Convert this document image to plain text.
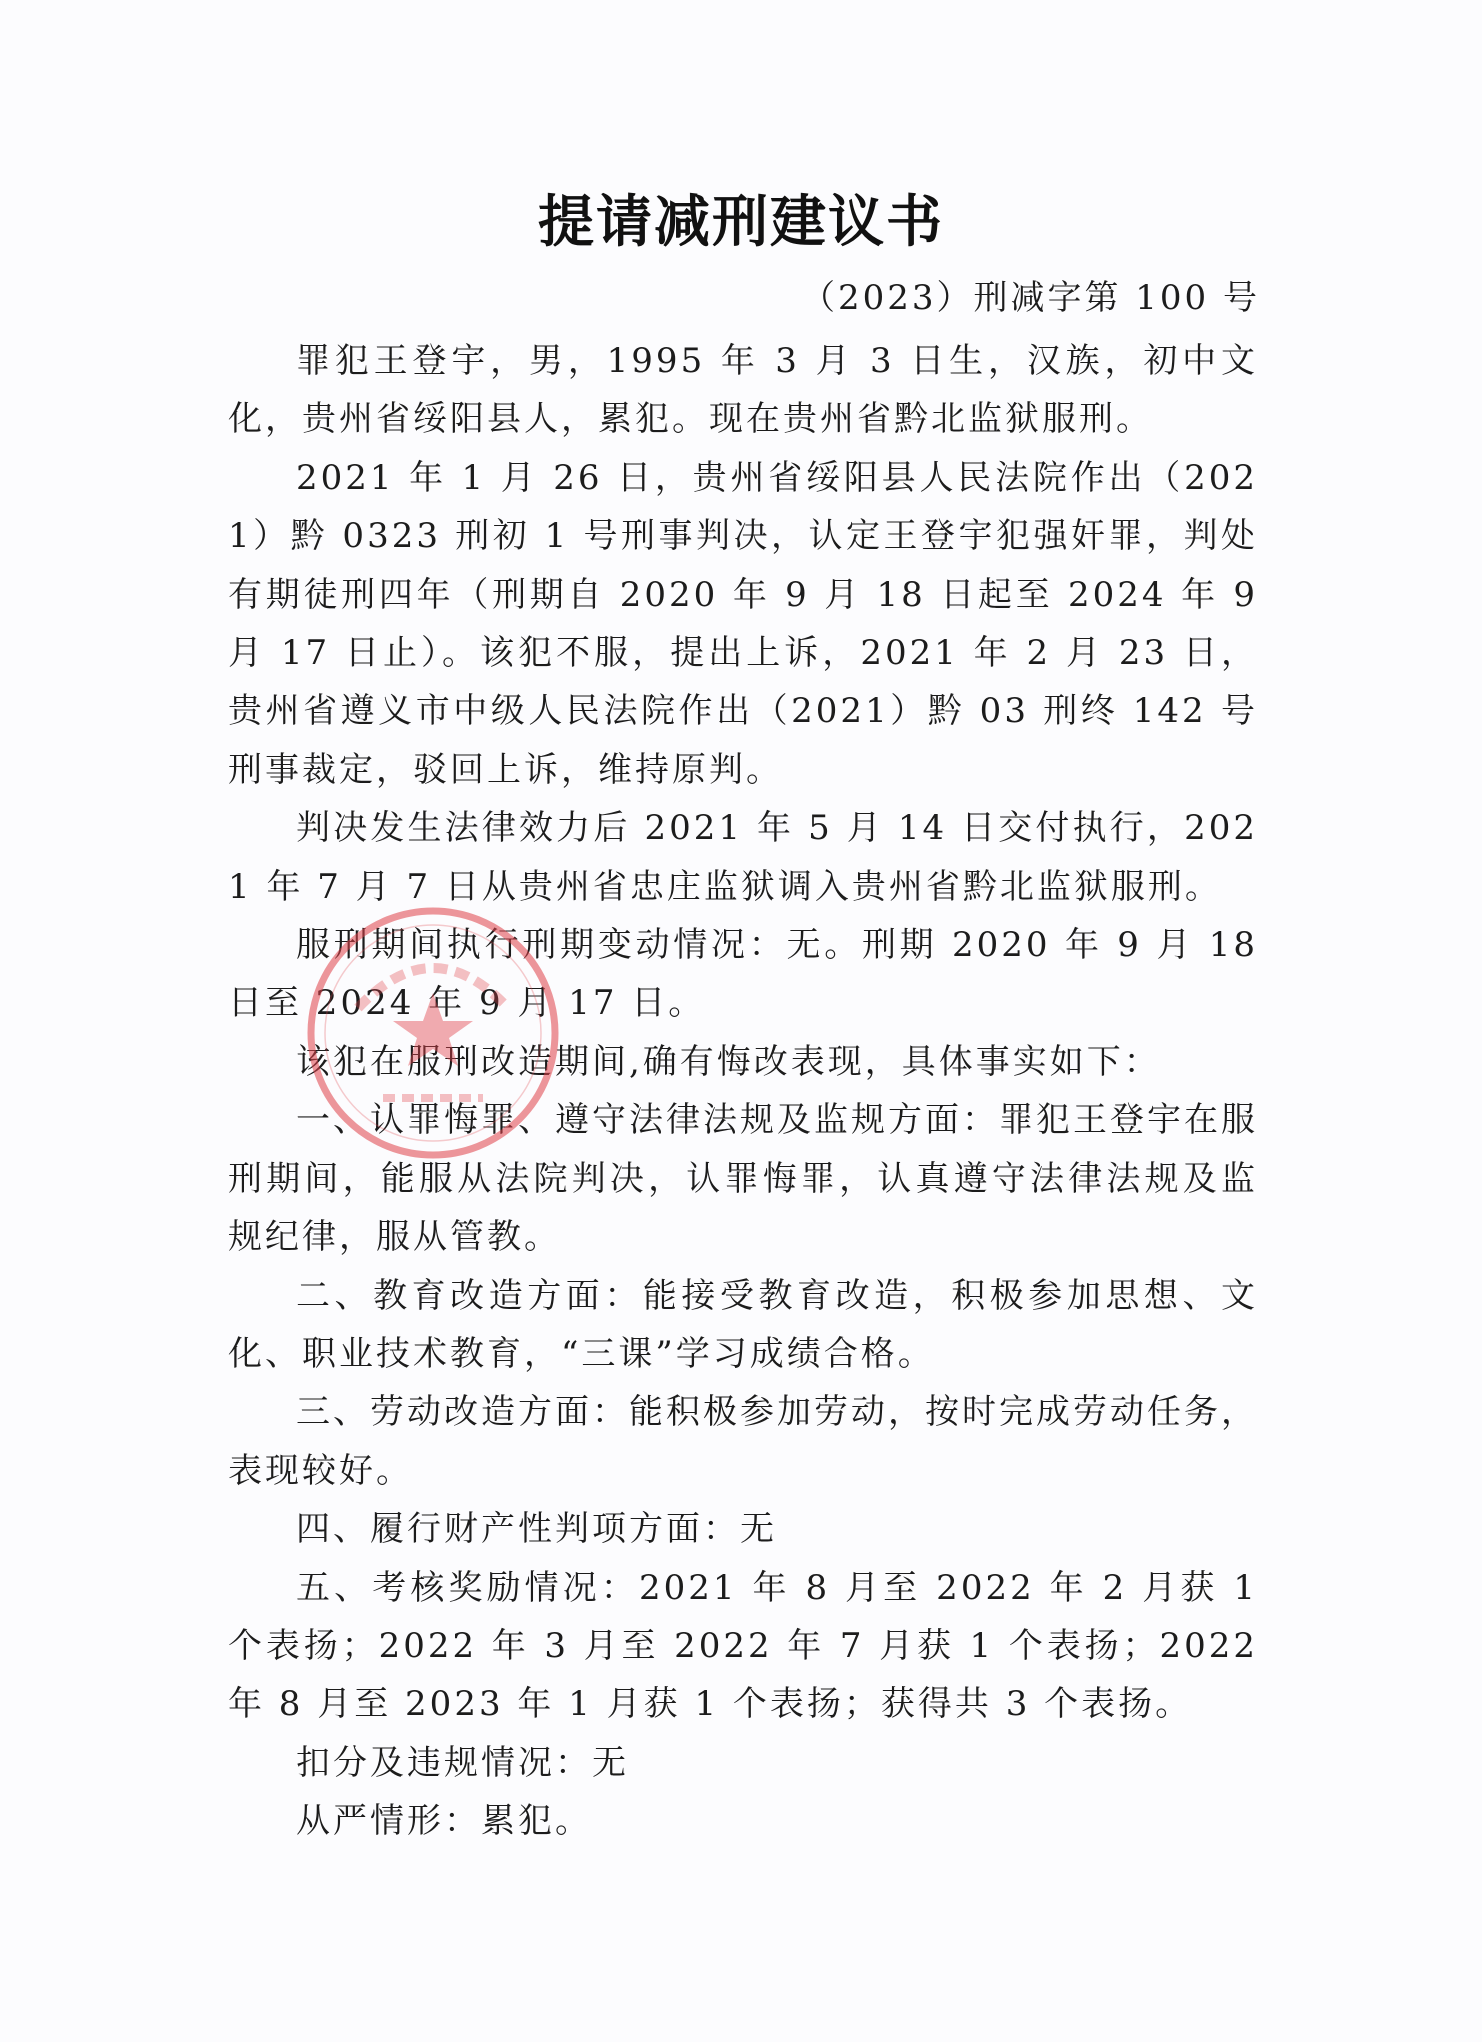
提请减刑建议书
（2023）刑减字第 100 号

罪犯王登宇，男，1995 年 3 月 3 日生，汉族，初中文化，贵州省绥阳县人，累犯。现在贵州省黔北监狱服刑。

2021 年 1 月 26 日，贵州省绥阳县人民法院作出（2021）黔 0323 刑初 1 号刑事判决，认定王登宇犯强奸罪，判处有期徒刑四年（刑期自 2020 年 9 月 18 日起至 2024 年 9 月 17 日止）。该犯不服，提出上诉，2021 年 2 月 23 日，贵州省遵义市中级人民法院作出（2021）黔 03 刑终 142 号刑事裁定，驳回上诉，维持原判。

判决发生法律效力后 2021 年 5 月 14 日交付执行，2021 年 7 月 7 日从贵州省忠庄监狱调入贵州省黔北监狱服刑。

服刑期间执行刑期变动情况：无。刑期 2020 年 9 月 18 日至 2024 年 9 月 17 日。

该犯在服刑改造期间,确有悔改表现，具体事实如下：

一、认罪悔罪、遵守法律法规及监规方面：罪犯王登宇在服刑期间，能服从法院判决，认罪悔罪，认真遵守法律法规及监规纪律，服从管教。

二、教育改造方面：能接受教育改造，积极参加思想、文化、职业技术教育，“三课”学习成绩合格。

三、劳动改造方面：能积极参加劳动，按时完成劳动任务，表现较好。

四、履行财产性判项方面：无

五、考核奖励情况：2021 年 8 月至 2022 年 2 月获 1 个表扬；2022 年 3 月至 2022 年 7 月获 1 个表扬；2022 年 8 月至 2023 年 1 月获 1 个表扬；获得共 3 个表扬。

扣分及违规情况：无

从严情形：累犯。
